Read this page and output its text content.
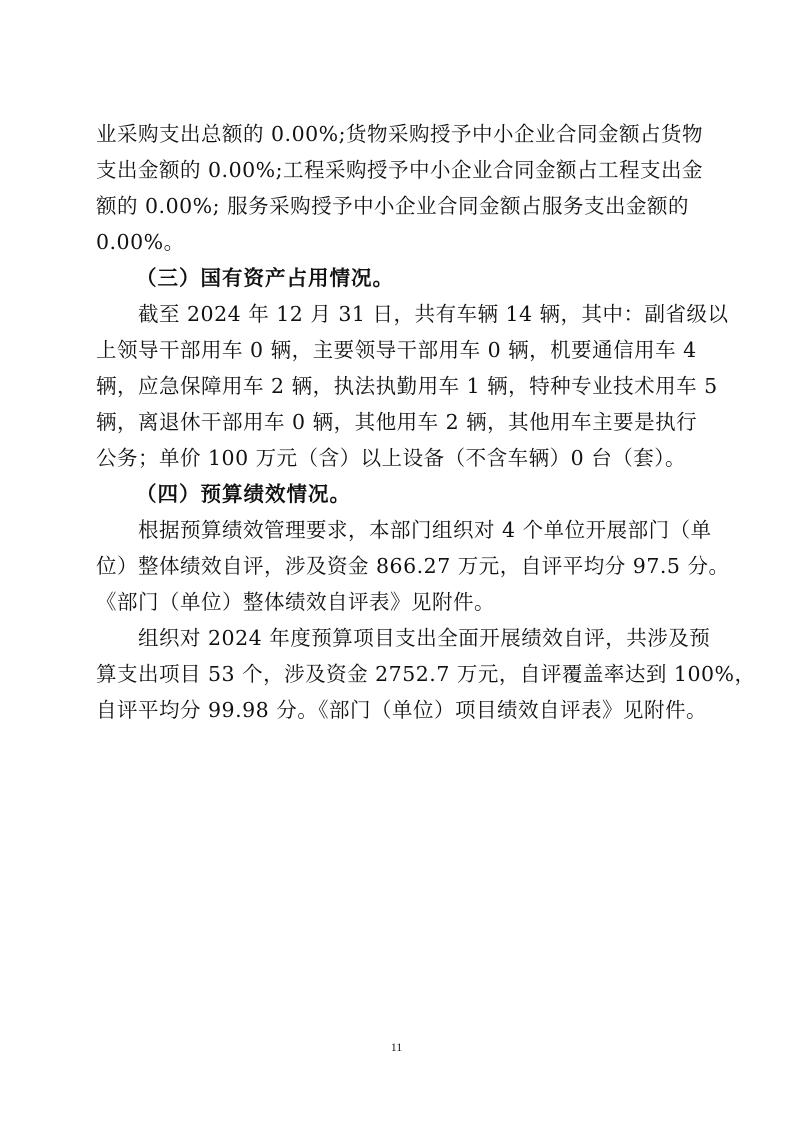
业采购支出总额的 0.00%;货物采购授予中小企业合同金额占货物
支出金额的 0.00%;工程采购授予中小企业合同金额占工程支出金
额的 0.00%; 服务采购授予中小企业合同金额占服务支出金额的
0.00%。
（三）国有资产占用情况。
截至 2024 年 12 月 31 日，共有车辆 14 辆，其中：副省级以
上领导干部用车 0 辆，主要领导干部用车 0 辆，机要通信用车 4
辆，应急保障用车 2 辆，执法执勤用车 1 辆，特种专业技术用车 5
辆，离退休干部用车 0 辆，其他用车 2 辆，其他用车主要是执行
公务；单价 100 万元（含）以上设备（不含车辆）0 台（套）。
（四）预算绩效情况。
根据预算绩效管理要求，本部门组织对 4 个单位开展部门（单
位）整体绩效自评，涉及资金 866.27 万元，自评平均分 97.5 分。
《部门（单位）整体绩效自评表》见附件。
组织对 2024 年度预算项目支出全面开展绩效自评，共涉及预
算支出项目 53 个，涉及资金 2752.7 万元，自评覆盖率达到 100%，
自评平均分 99.98 分。《部门（单位）项目绩效自评表》见附件。
11
